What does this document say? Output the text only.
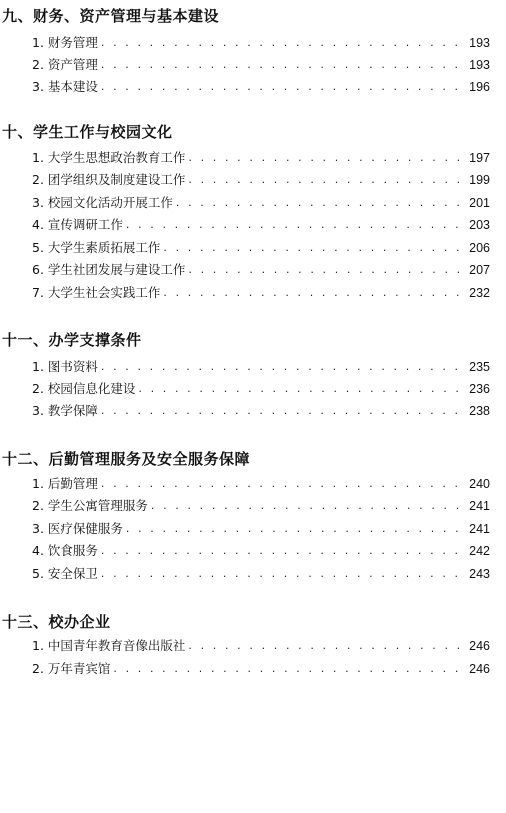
九、财务、资产管理与基本建设
1. 财务管理 . . .	193
2. 资产管理 . . .	193
3. 基本建设 . . .	196
十、学生工作与校园文化
1. 大学生思想政治教育工作 . . .	197
2. 团学组织及制度建设工作 . . .	199
3. 校园文化活动开展工作 . . .	201
4. 宣传调研工作 . . .	203
5. 大学生素质拓展工作 . . .	206
6. 学生社团发展与建设工作 . . .	207
7. 大学生社会实践工作 . . .	232
十一、办学支撑条件
1. 图书资料 . . .	235
2. 校园信息化建设 . . .	236
3. 教学保障 . . .	238
十二、后勤管理服务及安全服务保障
1. 后勤管理 . . .	240
2. 学生公寓管理服务 . . .	241
3. 医疗保健服务 . . .	241
4. 饮食服务 . . .	242
5. 安全保卫 . . .	243
十三、校办企业
1. 中国青年教育音像出版社 . . .	246
2. 万年青宾馆 . . .	246
